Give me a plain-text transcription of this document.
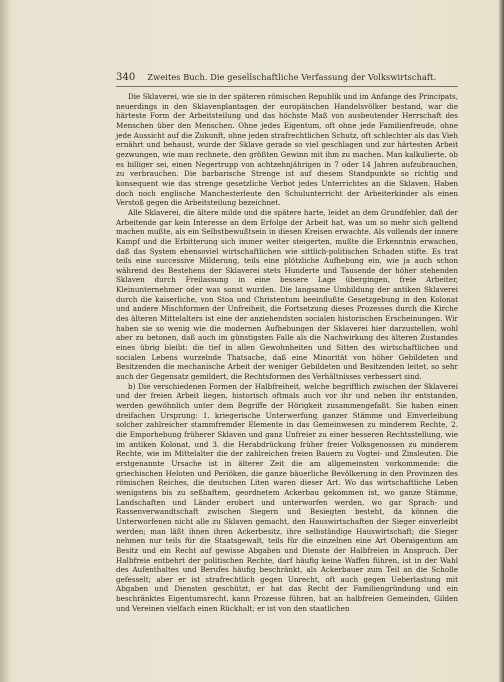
340 Zweites Buch. Die gesellschaftliche Verfassung der Volkswirtschaft.

Die Sklaverei, wie sie in der späteren römischen Republik und im Anfange des Principats, neuerdings in den Sklavenplantagen der europäischen Handelsvölker bestand, war die härteste Form der Arbeitsteilung und das höchste Maß von ausbeutender Herrschaft des Menschen über den Menschen. Ohne jedes Eigentum, oft ohne jede Familienfreude, ohne jede Aussicht auf die Zukunft, ohne jeden strafrechtlichen Schutz, oft schlechter als das Vieh ernährt und behaust, wurde der Sklave gerade so viel geschlagen und zur härtesten Arbeit gezwungen, wie man rechnete, den größten Gewinn mit ihm zu machen. Man kalkulierte, ob es billiger sei, einen Negertrupp von achtzehnjährigen in 7 oder 14 Jahren aufzubrauchen, zu verbrauchen. Die barbarische Strenge ist auf diesem Standpunkte so richtig und konsequent wie das strenge gesetzliche Verbot jedes Unterrichtes an die Sklaven. Haben doch noch englische Manchesterleute den Schulunterricht der Arbeiterkinder als einen Verstoß gegen die Arbeitsteilung bezeichnet.

Alle Sklaverei, die ältere milde und die spätere harte, leidet an dem Grundfehler, daß der Arbeitende gar kein Interesse an dem Erfolge der Arbeit hat, was um so mehr sich geltend machen mußte, als ein Selbstbewußtsein in diesen Kreisen erwachte. Als vollends der innere Kampf und die Erbitterung sich immer weiter steigerten, mußte die Erkenntnis erwachen, daß das System ebensoviel wirtschaftlichen wie sittlich-politischen Schaden stifte. Es trat teils eine successive Milderung, teils eine plötzliche Aufhebung ein, wie ja auch schon während des Bestehens der Sklaverei stets Hunderte und Tausende der höher stehenden Sklaven durch Freilassung in eine bessere Lage übergingen, freie Arbeiter, Kleinunternehmer oder was sonst wurden. Die langsame Umbildung der antiken Sklaverei durch die kaiserliche, von Stoa und Christentum beeinflußte Gesetzgebung in den Kolonat und andere Mischformen der Unfreiheit, die Fortsetzung dieses Prozesses durch die Kirche des älteren Mittelalters ist eine der anziehendsten socialen historischen Erscheinungen. Wir haben sie so wenig wie die modernen Aufhebungen der Sklaverei hier darzustellen, wohl aber zu betonen, daß auch im günstigsten Falle als die Nachwirkung des älteren Zustandes eines übrig bleibt: die tief in allen Gewohnheiten und Sitten des wirtschaftlichen und socialen Lebens wurzelnde Thatsache, daß eine Minorität von höher Gebildeten und Besitzenden die mechanische Arbeit der weniger Gebildeten und Besitzenden leitet, so sehr auch der Gegensatz gemildert, die Rechtsformen des Verhältnisses verbessert sind.

b) Die verschiedenen Formen der Halbfreiheit, welche begrifflich zwischen der Sklaverei und der freien Arbeit liegen, historisch oftmals auch vor ihr und neben ihr entstanden, werden gewöhnlich unter dem Begriffe der Hörigkeit zusammengefaßt. Sie haben einen dreifachen Ursprung: 1. kriegerische Unterwerfung ganzer Stämme und Einverleibung solcher zahlreicher stammfremder Elemente in das Gemeinwesen zu minderem Rechte, 2. die Emporhebung früherer Sklaven und ganz Unfreier zu einer besseren Rechtsstellung, wie im antiken Kolonat, und 3. die Herabdrückung früher freier Volksgenossen zu minderem Rechte, wie im Mittelalter die der zahlreichen freien Bauern zu Vogtei- und Zinsleuten. Die erstgenannte Ursache ist in älterer Zeit die am allgemeinsten vorkommende: die griechischen Heloten und Periöken, die ganze bäuerliche Bevölkerung in den Provinzen des römischen Reiches, die deutschen Liten waren dieser Art. Wo das wirtschaftliche Leben wenigstens bis zu seßhaftem, geordnetem Ackerbau gekommen ist, wo ganze Stämme, Landschaften und Länder erobert und unterworfen werden, wo gar Sprach- und Rassenverwandtschaft zwischen Siegern und Besiegten besteht, da können die Unterworfenen nicht alle zu Sklaven gemacht, den Hauswirtschaften der Sieger einverleibt werden; man läßt ihnen ihren Ackerbesitz, ihre selbständige Hauswirtschaft; die Sieger nehmen nur teils für die Staatsgewalt, teils für die einzelnen eine Art Oberaigentum am Besitz und ein Recht auf gewisse Abgaben und Dienste der Halbfreien in Anspruch. Der Halbfreie entbehrt der politischen Rechte, darf häufig keine Waffen führen, ist in der Wahl des Aufenthaltes und Berufes häufig beschränkt, als Ackerbauer zum Teil an die Scholle gefesselt; aber er ist strafrechtlich gegen Unrecht, oft auch gegen Ueberlastung mit Abgaben und Diensten geschützt, er hat das Recht der Familiengründung und ein beschränktes Eigentumsrecht, kann Prozesse führen, hat an halbfreien Gemeinden, Gilden und Vereinen vielfach einen Rückhalt; er ist von den staatlichen
